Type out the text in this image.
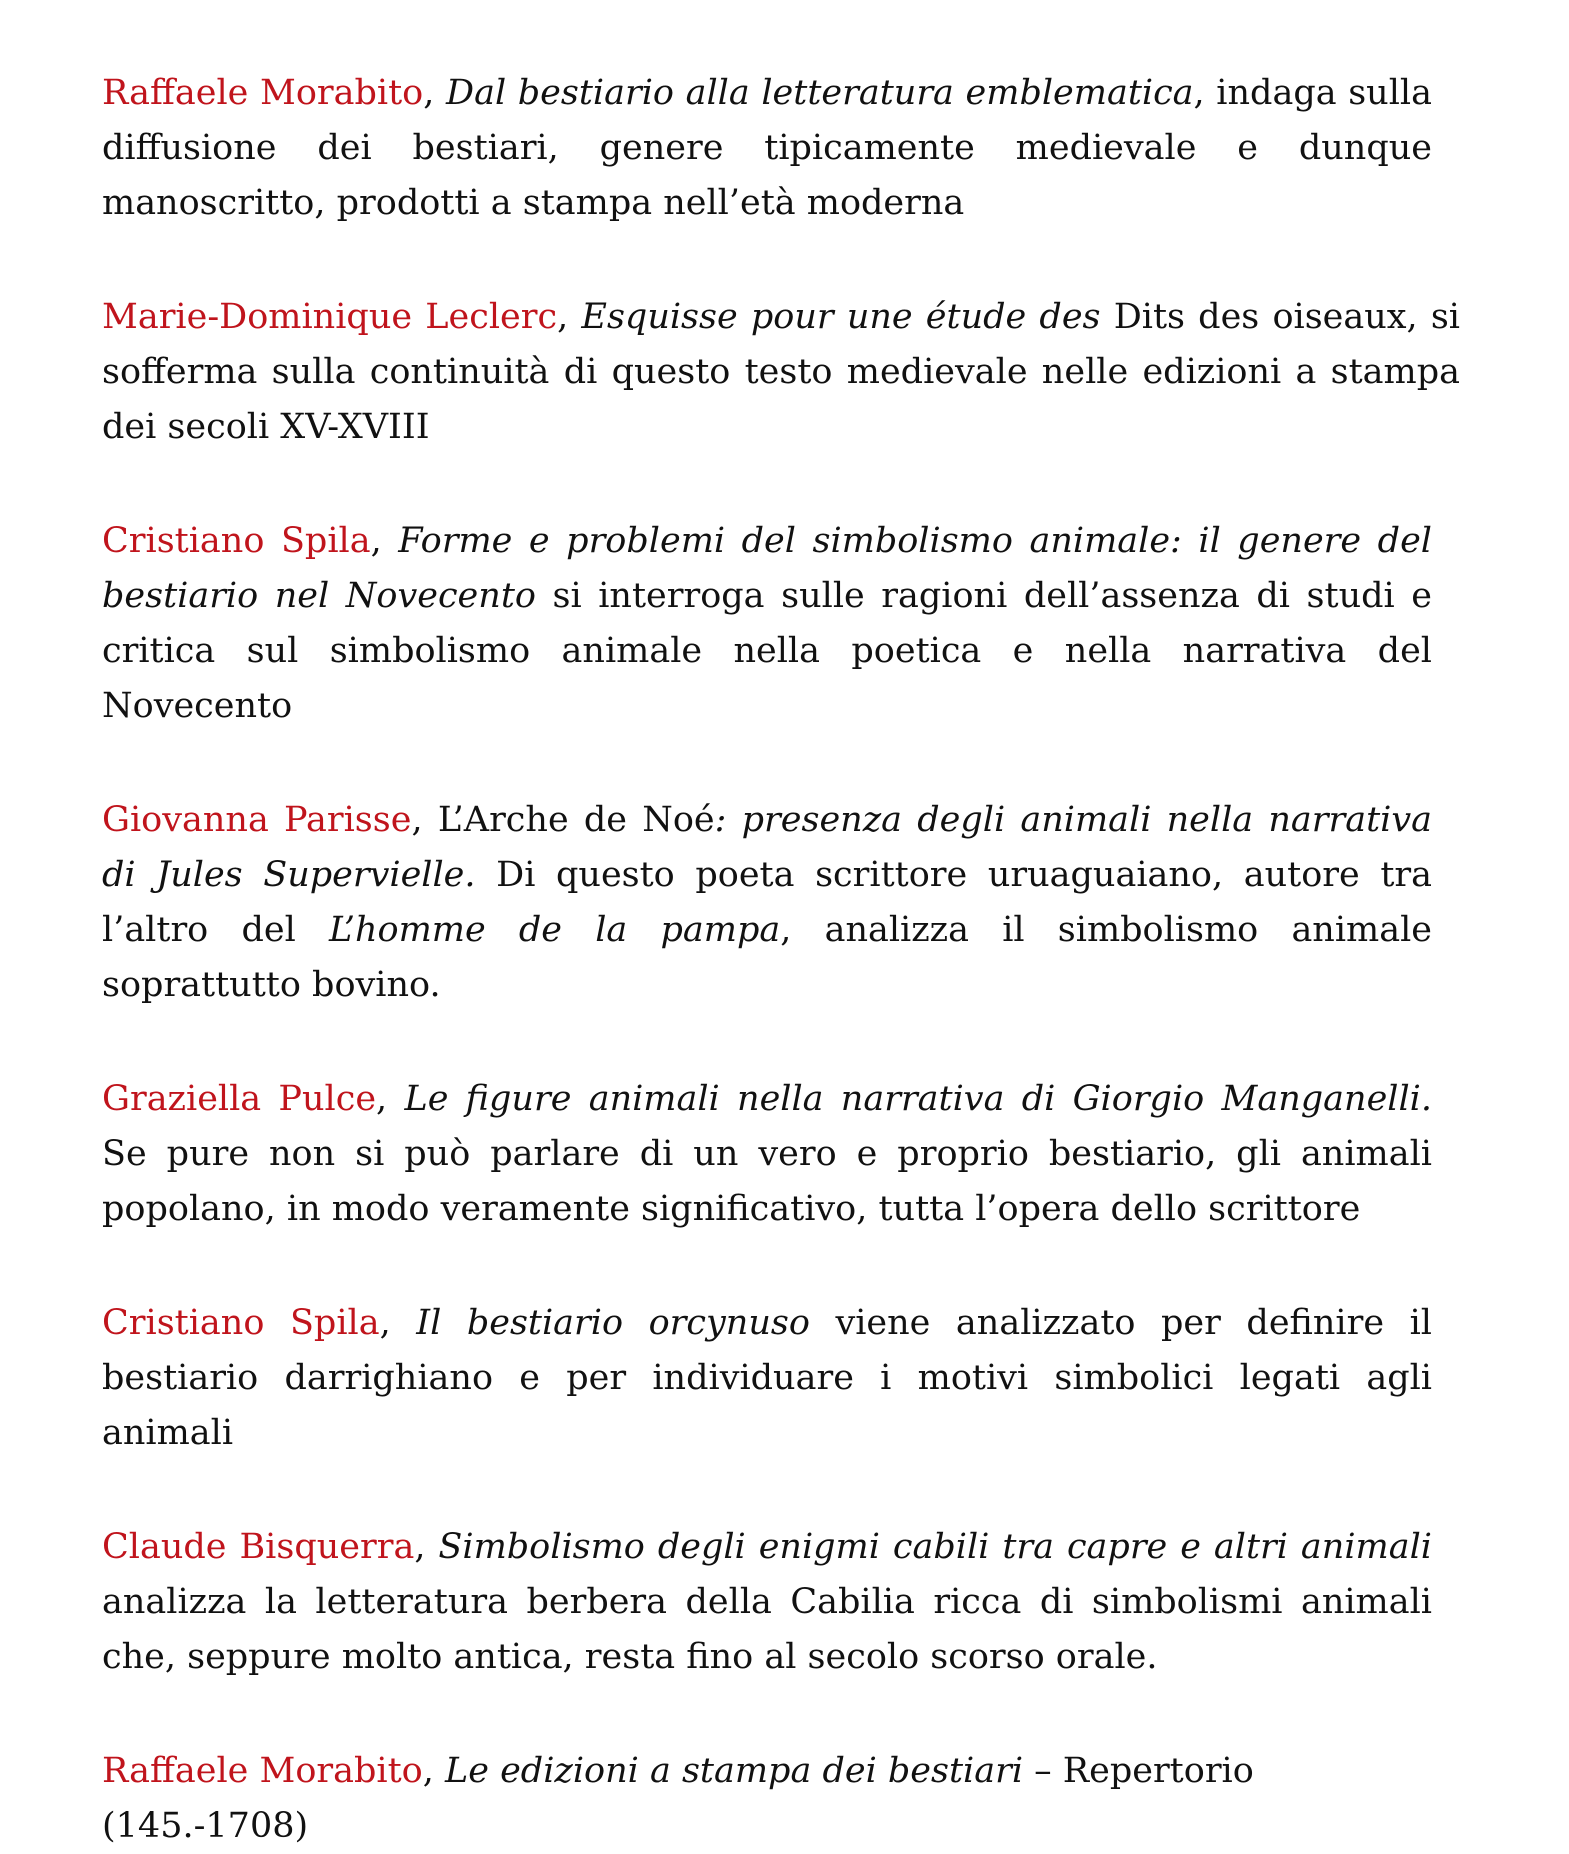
Raffaele Morabito, Dal bestiario alla letteratura emblematica, indaga sulla diffusione dei bestiari, genere tipicamente medievale e dunque manoscritto, prodotti a stampa nell’età moderna

Marie-Dominique Leclerc, Esquisse pour une étude des Dits des oiseaux, si sofferma sulla continuità di questo testo medievale nelle edizioni a stampa dei secoli XV-XVIII

Cristiano Spila, Forme e problemi del simbolismo animale: il genere del bestiario nel Novecento si interroga sulle ragioni dell’assenza di studi e critica sul simbolismo animale nella poetica e nella narrativa del Novecento

Giovanna Parisse, L’Arche de Noé: presenza degli animali nella narrativa di Jules Supervielle. Di questo poeta scrittore uruaguaiano, autore tra l’altro del L’homme de la pampa, analizza il simbolismo animale soprattutto bovino.

Graziella Pulce, Le figure animali nella narrativa di Giorgio Manganelli. Se pure non si può parlare di un vero e proprio bestiario, gli animali popolano, in modo veramente significativo, tutta l’opera dello scrittore

Cristiano Spila, Il bestiario orcynuso viene analizzato per definire il bestiario darrighiano e per individuare i motivi simbolici legati agli animali

Claude Bisquerra, Simbolismo degli enigmi cabili tra capre e altri animali analizza la letteratura berbera della Cabilia ricca di simbolismi animali che, seppure molto antica, resta fino al secolo scorso orale.

Raffaele Morabito, Le edizioni a stampa dei bestiari – Repertorio (145.-1708)
